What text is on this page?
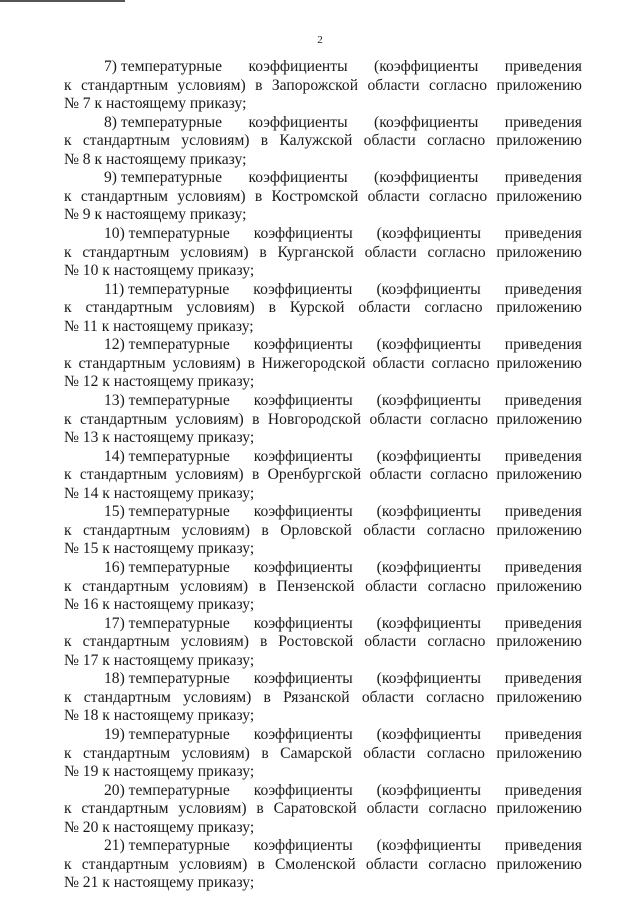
2
7) температурные коэффициенты (коэффициенты приведения
к стандартным условиям) в Запорожской области согласно приложению
№ 7 к настоящему приказу;
8) температурные коэффициенты (коэффициенты приведения
к стандартным условиям) в Калужской области согласно приложению
№ 8 к настоящему приказу;
9) температурные коэффициенты (коэффициенты приведения
к стандартным условиям) в Костромской области согласно приложению
№ 9 к настоящему приказу;
10) температурные коэффициенты (коэффициенты приведения
к стандартным условиям) в Курганской области согласно приложению
№ 10 к настоящему приказу;
11) температурные коэффициенты (коэффициенты приведения
к стандартным условиям) в Курской области согласно приложению
№ 11 к настоящему приказу;
12) температурные коэффициенты (коэффициенты приведения
к стандартным условиям) в Нижегородской области согласно приложению
№ 12 к настоящему приказу;
13) температурные коэффициенты (коэффициенты приведения
к стандартным условиям) в Новгородской области согласно приложению
№ 13 к настоящему приказу;
14) температурные коэффициенты (коэффициенты приведения
к стандартным условиям) в Оренбургской области согласно приложению
№ 14 к настоящему приказу;
15) температурные коэффициенты (коэффициенты приведения
к стандартным условиям) в Орловской области согласно приложению
№ 15 к настоящему приказу;
16) температурные коэффициенты (коэффициенты приведения
к стандартным условиям) в Пензенской области согласно приложению
№ 16 к настоящему приказу;
17) температурные коэффициенты (коэффициенты приведения
к стандартным условиям) в Ростовской области согласно приложению
№ 17 к настоящему приказу;
18) температурные коэффициенты (коэффициенты приведения
к стандартным условиям) в Рязанской области согласно приложению
№ 18 к настоящему приказу;
19) температурные коэффициенты (коэффициенты приведения
к стандартным условиям) в Самарской области согласно приложению
№ 19 к настоящему приказу;
20) температурные коэффициенты (коэффициенты приведения
к стандартным условиям) в Саратовской области согласно приложению
№ 20 к настоящему приказу;
21) температурные коэффициенты (коэффициенты приведения
к стандартным условиям) в Смоленской области согласно приложению
№ 21 к настоящему приказу;
